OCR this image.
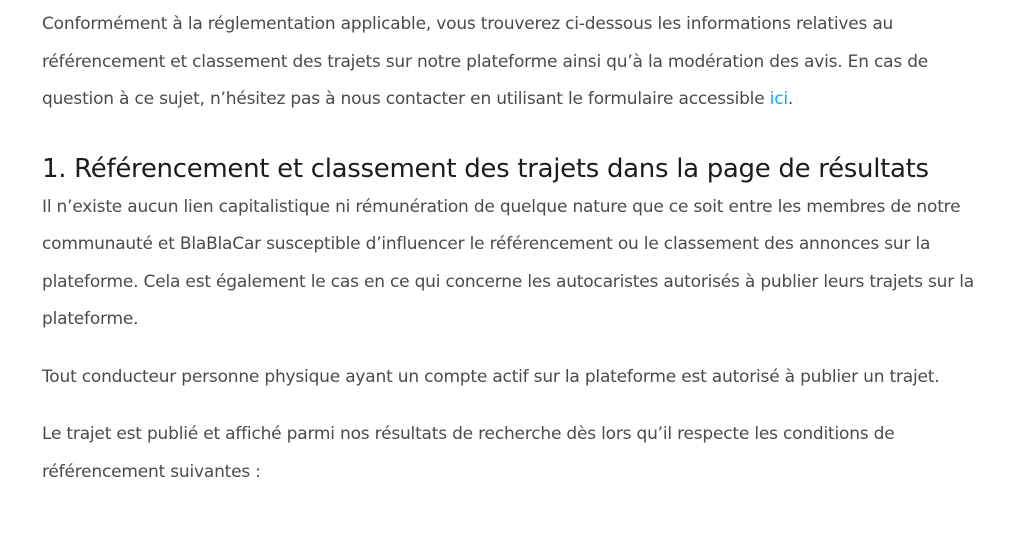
Conformément à la réglementation applicable, vous trouverez ci-dessous les informations relatives au référencement et classement des trajets sur notre plateforme ainsi qu’à la modération des avis. En cas de question à ce sujet, n’hésitez pas à nous contacter en utilisant le formulaire accessible ici.

1. Référencement et classement des trajets dans la page de résultats

Il n’existe aucun lien capitalistique ni rémunération de quelque nature que ce soit entre les membres de notre communauté et BlaBlaCar susceptible d’influencer le référencement ou le classement des annonces sur la plateforme. Cela est également le cas en ce qui concerne les autocaristes autorisés à publier leurs trajets sur la plateforme.

Tout conducteur personne physique ayant un compte actif sur la plateforme est autorisé à publier un trajet.

Le trajet est publié et affiché parmi nos résultats de recherche dès lors qu’il respecte les conditions de référencement suivantes :
